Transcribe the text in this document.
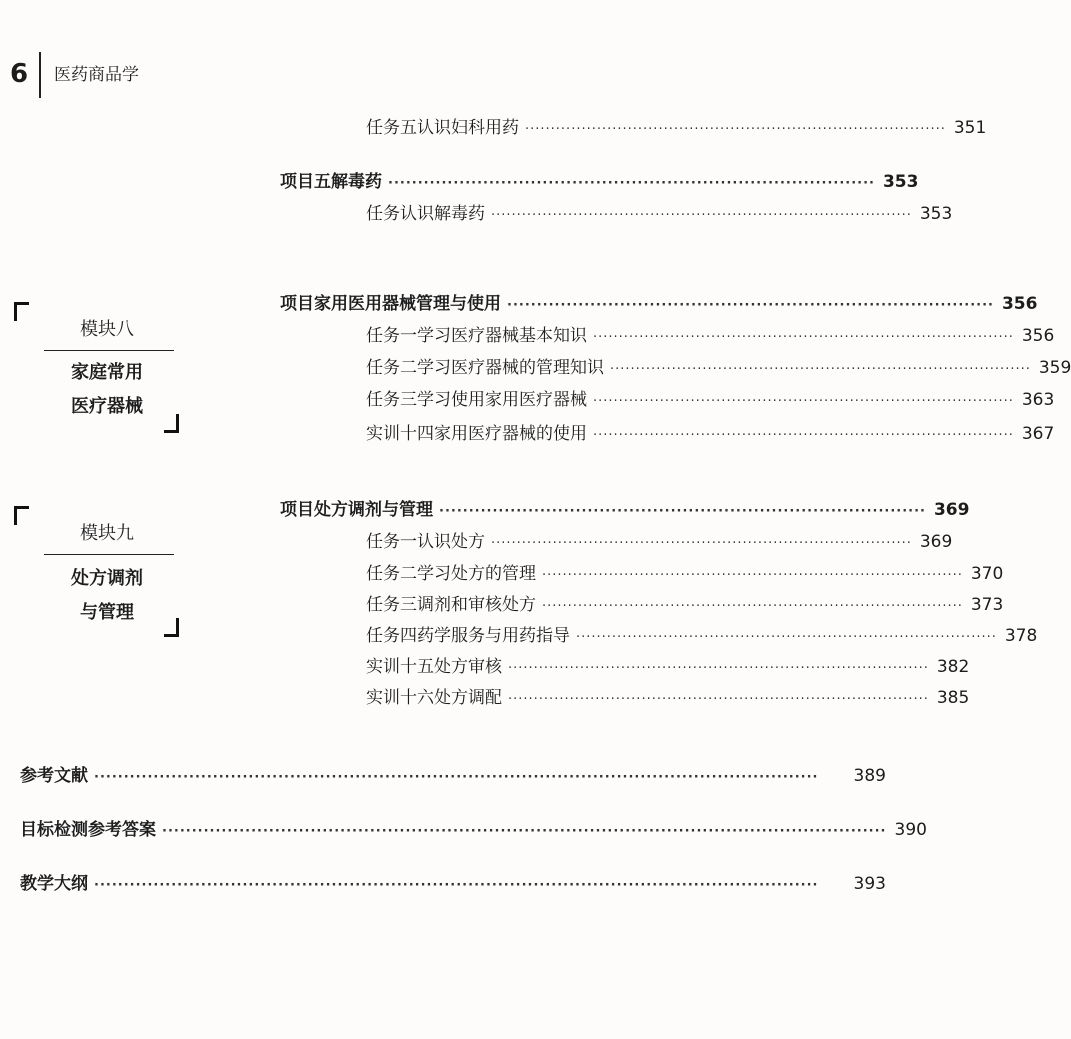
6 医药商品学
模块八
家庭常用
医疗器械
模块九
处方调剂
与管理
任务五 认识妇科用药 ·················································································· 351
项目五 解毒药 ·················································································· 353
任务 认识解毒药 ·················································································· 353
项目 家用医用器械管理与使用 ·················································································· 356
任务一 学习医疗器械基本知识 ·················································································· 356
任务二 学习医疗器械的管理知识 ·················································································· 359
任务三 学习使用家用医疗器械 ·················································································· 363
实训十四 家用医疗器械的使用 ·················································································· 367
项目 处方调剂与管理 ·················································································· 369
任务一 认识处方 ·················································································· 369
任务二 学习处方的管理 ·················································································· 370
任务三 调剂和审核处方 ·················································································· 373
任务四 药学服务与用药指导 ·················································································· 378
实训十五 处方审核 ·················································································· 382
实训十六 处方调配 ·················································································· 385
参考文献 ··························································································································	389
目标检测参考答案 ·························································································································· 390
教学大纲 ··························································································································	393
